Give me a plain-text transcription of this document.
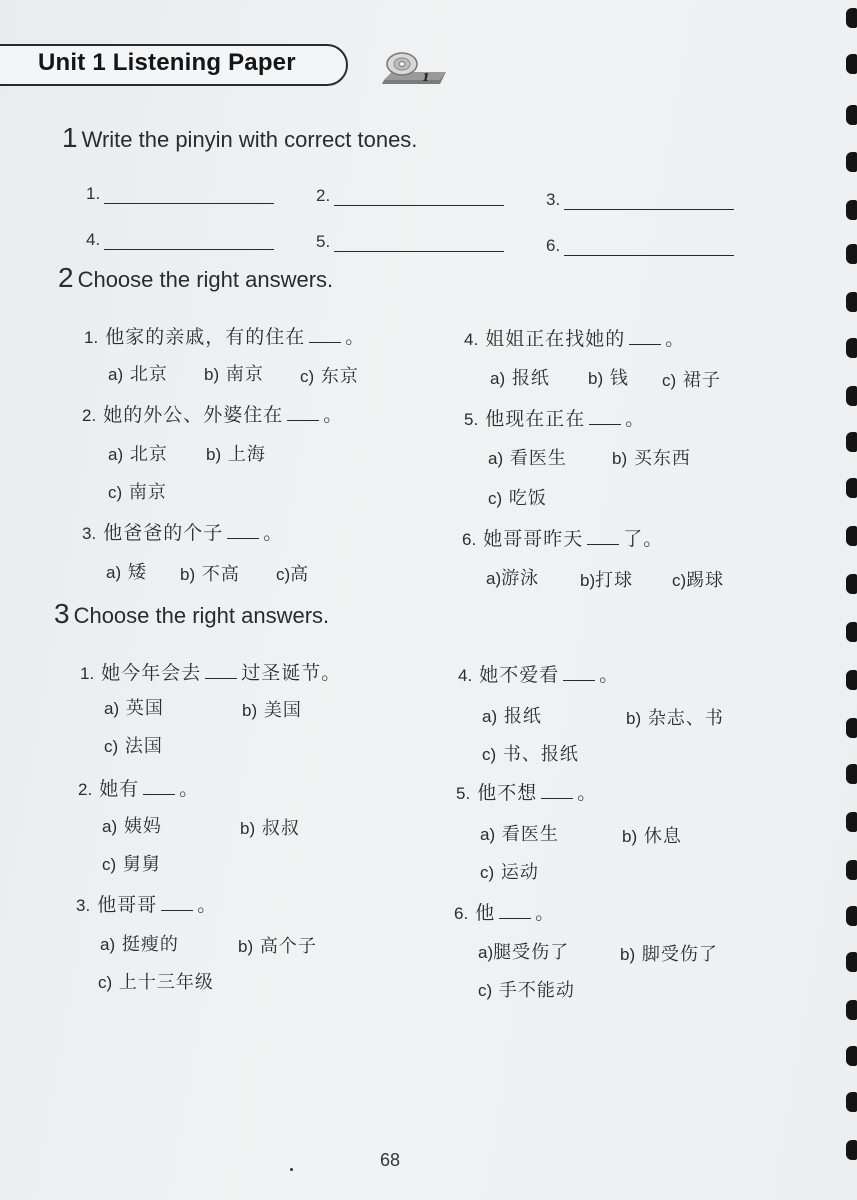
Unit 1 Listening Paper
1
1 Write the pinyin with correct tones.
1.	2.	3.
4.	5.	6.
2 Choose the right answers.
1. 他家的亲戚，有的住在 。
a) 北京 b) 南京 c) 东京
2. 她的外公、外婆住在 。
a) 北京 b) 上海
c) 南京
3. 他爸爸的个子 。
a) 矮 b) 不高 c)高
4. 姐姐正在找她的 。
a) 报纸 b) 钱 c) 裙子
5. 他现在正在 。
a) 看医生	b) 买东西
c) 吃饭
6. 她哥哥昨天 了。
a)游泳 b)打球 c)踢球
3 Choose the right answers.
1. 她今年会去 过圣诞节。
a) 英国	b) 美国
c) 法国
2. 她有 。
a) 姨妈	b) 叔叔
c) 舅舅
3. 他哥哥 。
a) 挺瘦的	b) 高个子
c) 上十三年级
4. 她不爱看 。
a) 报纸	b) 杂志、书
c) 书、报纸
5. 他不想 。
a) 看医生	b) 休息
c) 运动
6. 他 。
a)腿受伤了	b) 脚受伤了
c) 手不能动
68
